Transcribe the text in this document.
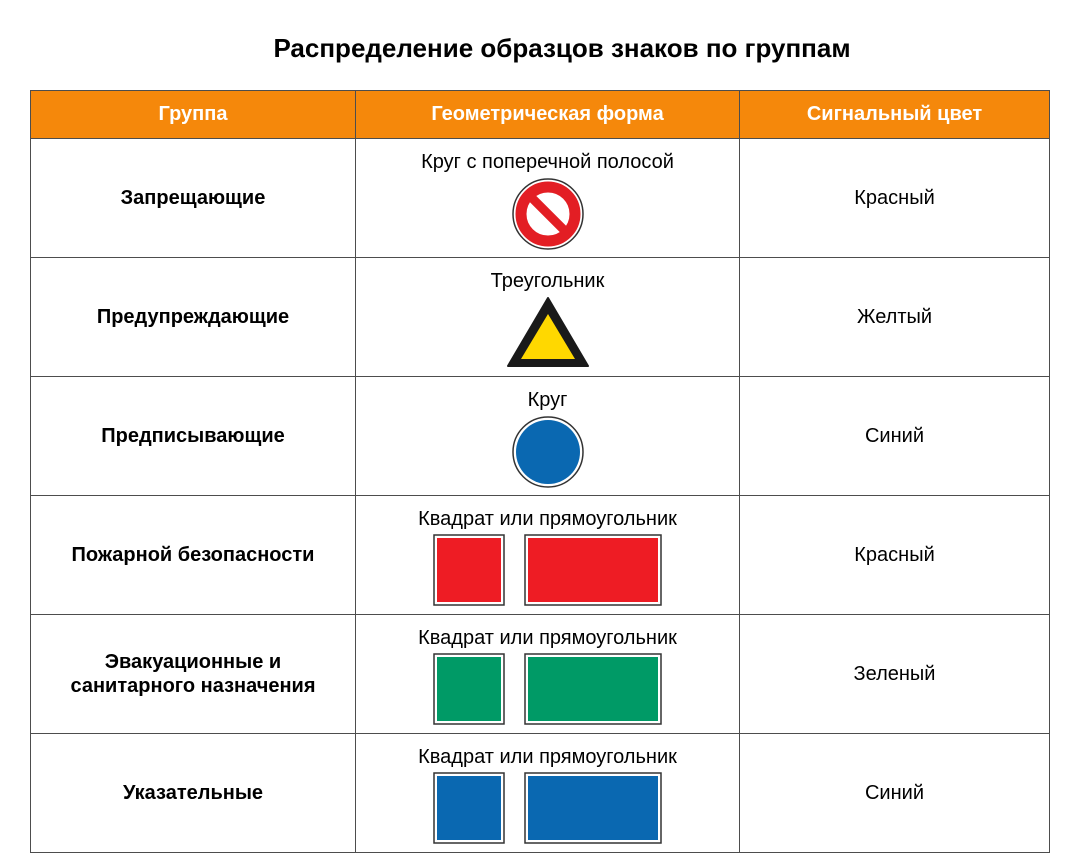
Распределение образцов знаков по группам
Группа	Геометрическая форма	Сигнальный цвет
Запрещающие	Круг с поперечной полосой	Красный
Предупреждающие	Треугольник	Желтый
Предписывающие	Круг	Синий
Пожарной безопасности	Квадрат или прямоугольник	Красный
Эвакуационные и
санитарного назначения	Квадрат или прямоугольник	Зеленый
Указательные	Квадрат или прямоугольник	Синий
